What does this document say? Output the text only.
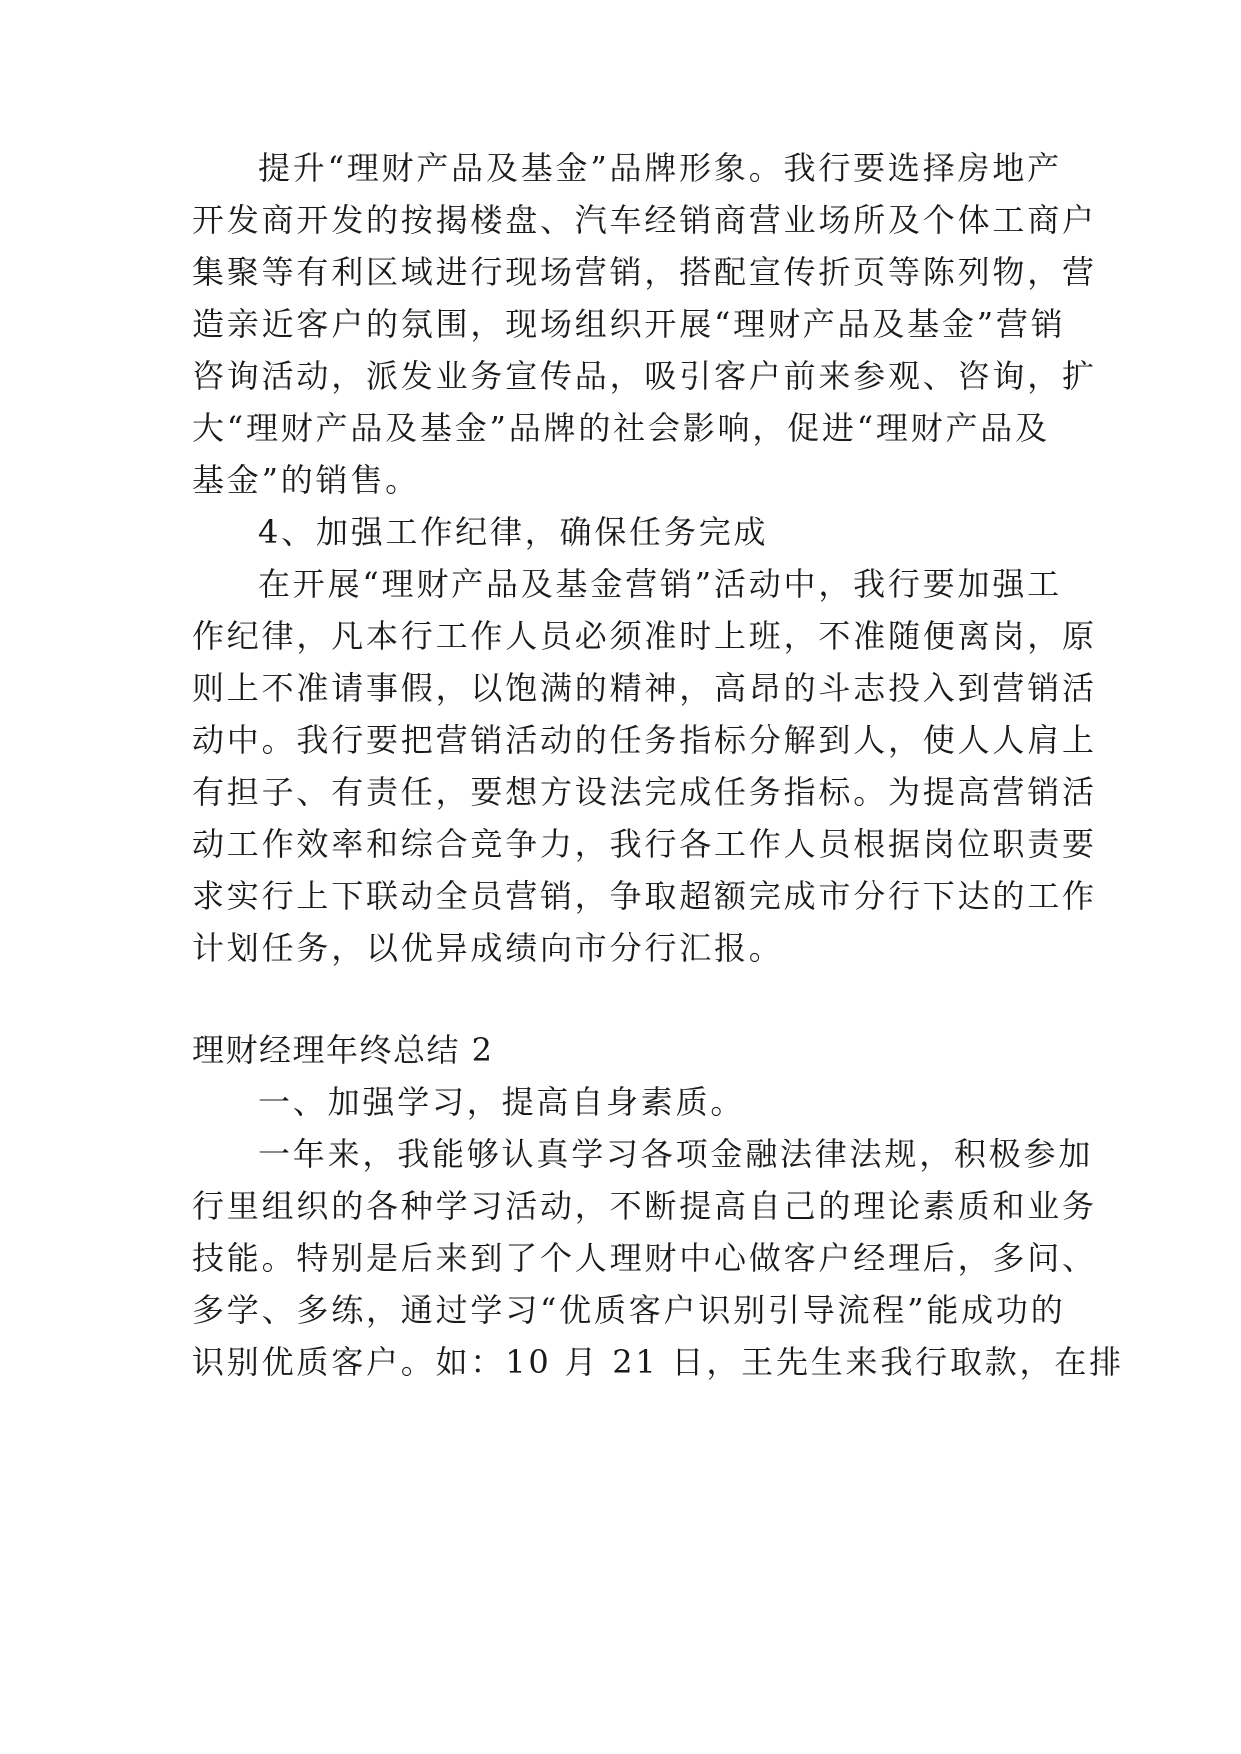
提升“理财产品及基金”品牌形象。我行要选择房地产
开发商开发的按揭楼盘、汽车经销商营业场所及个体工商户
集聚等有利区域进行现场营销，搭配宣传折页等陈列物，营
造亲近客户的氛围，现场组织开展“理财产品及基金”营销
咨询活动，派发业务宣传品，吸引客户前来参观、咨询，扩
大“理财产品及基金”品牌的社会影响，促进“理财产品及
基金”的销售。
4、加强工作纪律，确保任务完成
在开展“理财产品及基金营销”活动中，我行要加强工
作纪律，凡本行工作人员必须准时上班，不准随便离岗，原
则上不准请事假，以饱满的精神，高昂的斗志投入到营销活
动中。我行要把营销活动的任务指标分解到人，使人人肩上
有担子、有责任，要想方设法完成任务指标。为提高营销活
动工作效率和综合竞争力，我行各工作人员根据岗位职责要
求实行上下联动全员营销，争取超额完成市分行下达的工作
计划任务，以优异成绩向市分行汇报。
理财经理年终总结 2
一、加强学习，提高自身素质。
一年来，我能够认真学习各项金融法律法规，积极参加
行里组织的各种学习活动，不断提高自己的理论素质和业务
技能。特别是后来到了个人理财中心做客户经理后，多问、
多学、多练，通过学习“优质客户识别引导流程”能成功的
识别优质客户。如：10 月 21 日，王先生来我行取款，在排
